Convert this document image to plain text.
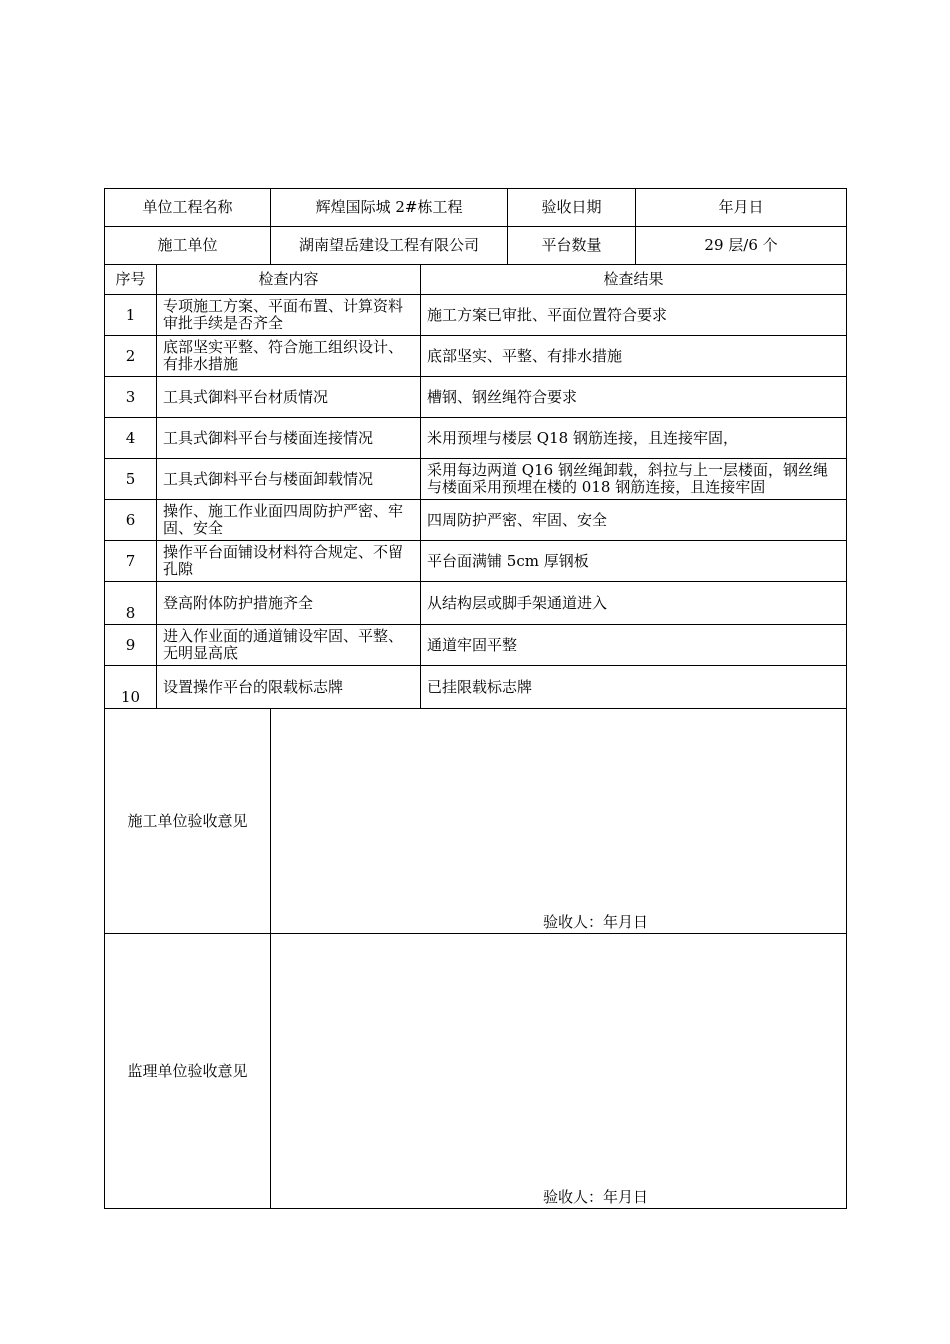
单位工程名称		辉煌国际城 2#栋工程		验收日期	年月日
施工单位		湖南望岳建设工程有限公司		平台数量	29 层/6 个
序号	检查内容		检查结果		
1	专项施工方案、平面布置、计算资料审批手续是否齐全		施工方案已审批、平面位置符合要求		
2	底部坚实平整、符合施工组织设计、有排水措施		底部坚实、平整、有排水措施		
3	工具式御料平台材质情况		槽钢、钢丝绳符合要求		
4	工具式御料平台与楼面连接情况		米用预埋与楼层 Q18 钢筋连接，且连接牢固，		
5	工具式御料平台与楼面卸载情况		采用每边两道 Q16 钢丝绳卸载，斜拉与上一层楼面，钢丝绳与楼面采用预埋在楼的 018 钢筋连接，且连接牢固		
6	操作、施工作业面四周防护严密、牢固、安全		四周防护严密、牢固、安全		
7	操作平台面铺设材料符合规定、不留孔隙		平台面满铺 5cm 厚钢板		
8	登高附体防护措施齐全		从结构层或脚手架通道进入		
9	进入作业面的通道铺设牢固、平整、无明显高底		通道牢固平整		
10	设置操作平台的限载标志牌		已挂限载标志牌		
施工单位验收意见		验收人：年月日			

监理单位验收意见		验收人：年月日			
